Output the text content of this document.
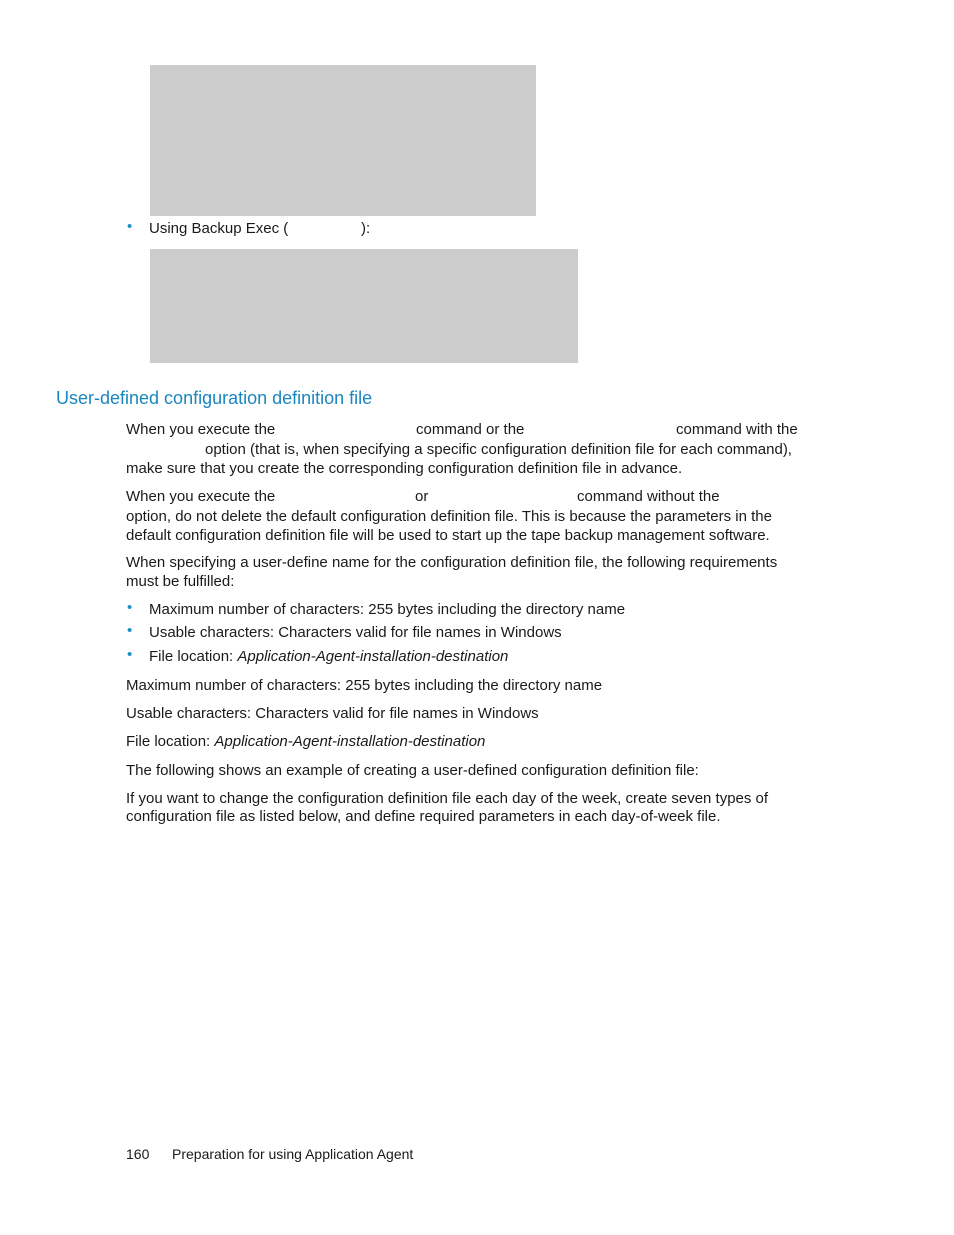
• Using Backup Exec (	):
User-defined configuration definition file
When you execute the	command or the	command with the
option (that is, when specifying a specific configuration definition file for each command),
make sure that you create the corresponding configuration definition file in advance.
When you execute the	or	command without the
option, do not delete the default configuration definition file. This is because the parameters in the
default configuration definition file will be used to start up the tape backup management software.
When specifying a user-define name for the configuration definition file, the following requirements
must be fulfilled:
• Maximum number of characters: 255 bytes including the directory name
• Usable characters: Characters valid for file names in Windows
• File location: Application-Agent-installation-destination
Maximum number of characters: 255 bytes including the directory name
Usable characters: Characters valid for file names in Windows
File location: Application-Agent-installation-destination
The following shows an example of creating a user-defined configuration definition file:
If you want to change the configuration definition file each day of the week, create seven types of
configuration file as listed below, and define required parameters in each day-of-week file.
160 Preparation for using Application Agent
